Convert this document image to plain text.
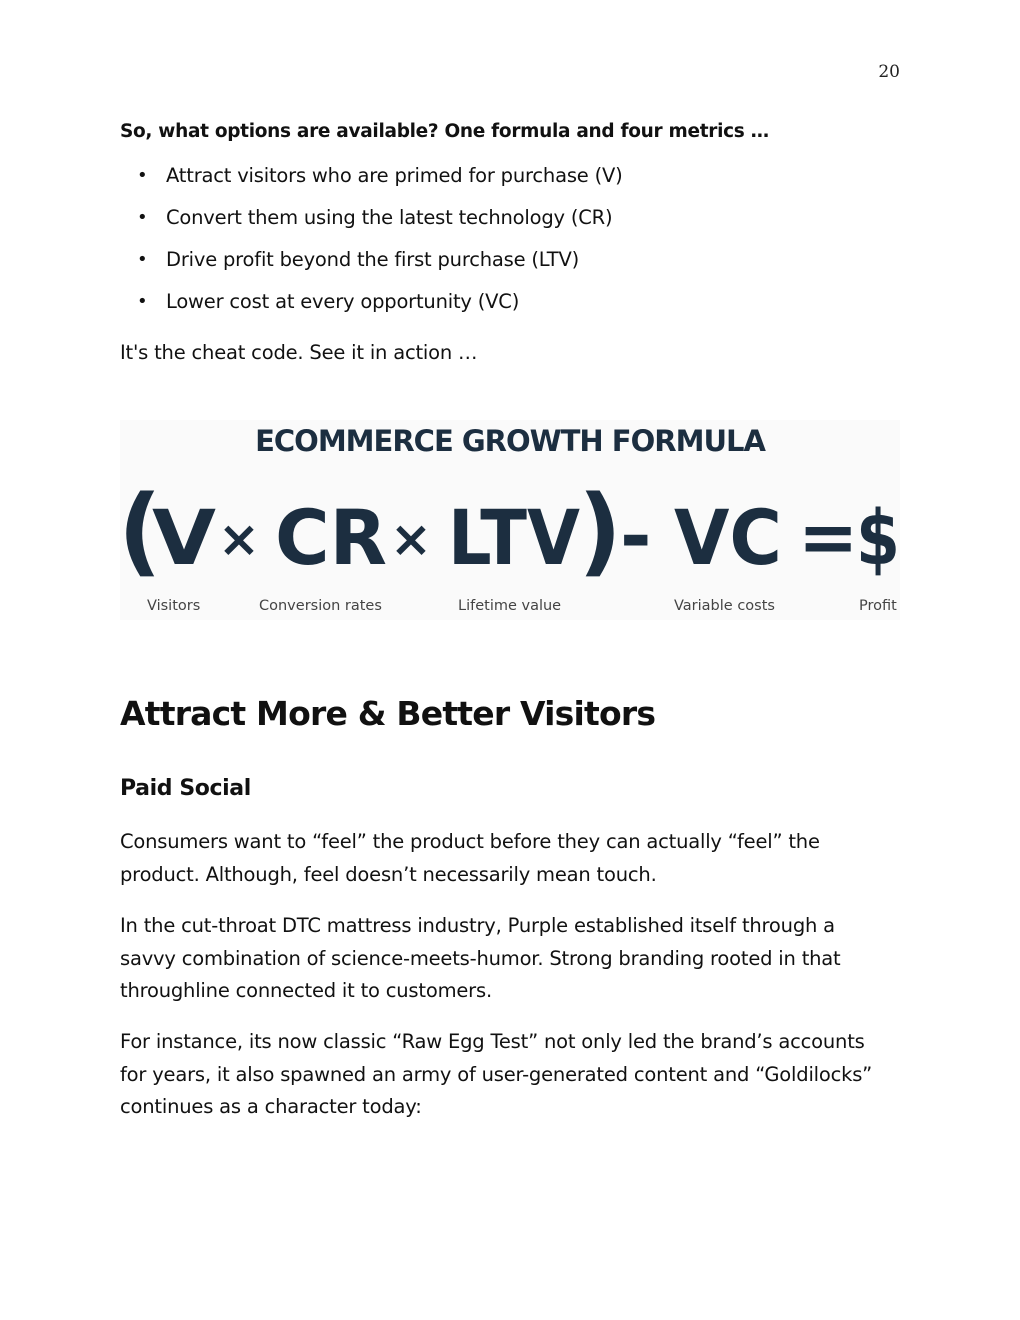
20

So, what options are available? One formula and four metrics …

• Attract visitors who are primed for purchase (V)
• Convert them using the latest technology (CR)
• Drive profit beyond the first purchase (LTV)
• Lower cost at every opportunity (VC)

It's the cheat code. See it in action …

ECOMMERCE GROWTH FORMULA
(
V × CR × LTV
)
- VC =
$
Visitors	Conversion rates	Lifetime value	Variable costs	Profit
Attract More & Better Visitors
Paid Social

Consumers want to “feel” the product before they can actually “feel” the
product. Although, feel doesn’t necessarily mean touch.

In the cut-throat DTC mattress industry, Purple established itself through a
savvy combination of science-meets-humor. Strong branding rooted in that
throughline connected it to customers.

For instance, its now classic “Raw Egg Test” not only led the brand’s accounts
for years, it also spawned an army of user-generated content and “Goldilocks”
continues as a character today:
